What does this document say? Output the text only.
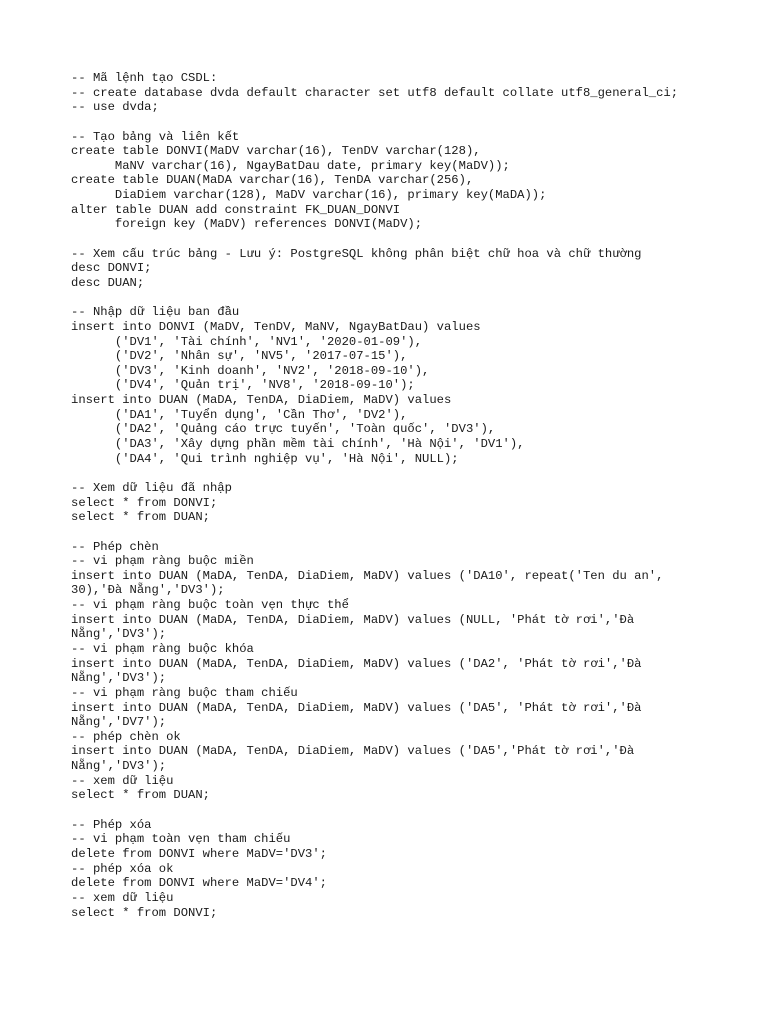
-- Mã lệnh tạo CSDL:
-- create database dvda default character set utf8 default collate utf8_general_ci;
-- use dvda;
-- Tạo bảng và liên kết
create table DONVI(MaDV varchar(16), TenDV varchar(128),
MaNV varchar(16), NgayBatDau date, primary key(MaDV));
create table DUAN(MaDA varchar(16), TenDA varchar(256),
DiaDiem varchar(128), MaDV varchar(16), primary key(MaDA));
alter table DUAN add constraint FK_DUAN_DONVI
foreign key (MaDV) references DONVI(MaDV);
-- Xem cấu trúc bảng - Lưu ý: PostgreSQL không phân biệt chữ hoa và chữ thường
desc DONVI;
desc DUAN;
-- Nhập dữ liệu ban đầu
insert into DONVI (MaDV, TenDV, MaNV, NgayBatDau) values
('DV1', 'Tài chính', 'NV1', '2020-01-09'),
('DV2', 'Nhân sự', 'NV5', '2017-07-15'),
('DV3', 'Kinh doanh', 'NV2', '2018-09-10'),
('DV4', 'Quản trị', 'NV8', '2018-09-10');
insert into DUAN (MaDA, TenDA, DiaDiem, MaDV) values
('DA1', 'Tuyển dụng', 'Cần Thơ', 'DV2'),
('DA2', 'Quảng cáo trực tuyến', 'Toàn quốc', 'DV3'),
('DA3', 'Xây dựng phần mềm tài chính', 'Hà Nội', 'DV1'),
('DA4', 'Qui trình nghiệp vụ', 'Hà Nội', NULL);
-- Xem dữ liệu đã nhập
select * from DONVI;
select * from DUAN;
-- Phép chèn
-- vi phạm ràng buộc miền
insert into DUAN (MaDA, TenDA, DiaDiem, MaDV) values ('DA10', repeat('Ten du an',
30),'Đà Nẵng','DV3');
-- vi phạm ràng buộc toàn vẹn thực thể
insert into DUAN (MaDA, TenDA, DiaDiem, MaDV) values (NULL, 'Phát tờ rơi','Đà
Nẵng','DV3');
-- vi phạm ràng buộc khóa
insert into DUAN (MaDA, TenDA, DiaDiem, MaDV) values ('DA2', 'Phát tờ rơi','Đà
Nẵng','DV3');
-- vi phạm ràng buộc tham chiếu
insert into DUAN (MaDA, TenDA, DiaDiem, MaDV) values ('DA5', 'Phát tờ rơi','Đà
Nẵng','DV7');
-- phép chèn ok
insert into DUAN (MaDA, TenDA, DiaDiem, MaDV) values ('DA5','Phát tờ rơi','Đà
Nẵng','DV3');
-- xem dữ liệu
select * from DUAN;
-- Phép xóa
-- vi phạm toàn vẹn tham chiếu
delete from DONVI where MaDV='DV3';
-- phép xóa ok
delete from DONVI where MaDV='DV4';
-- xem dữ liệu
select * from DONVI;
